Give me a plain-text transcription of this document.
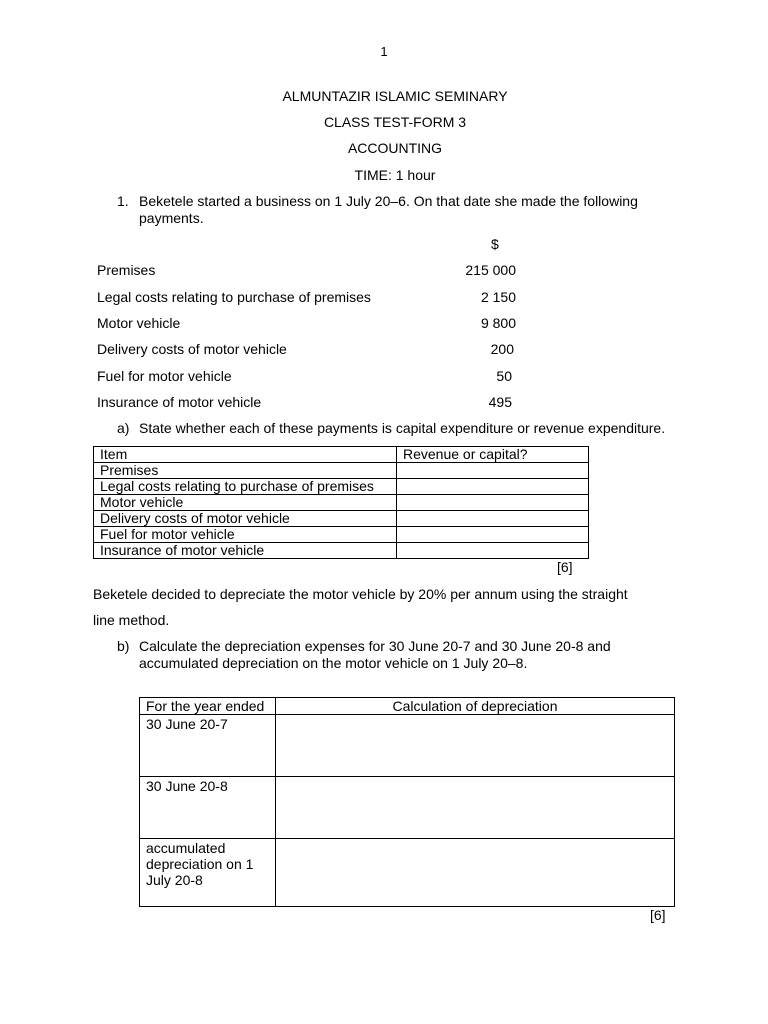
1
ALMUNTAZIR ISLAMIC SEMINARY
CLASS TEST-FORM 3
ACCOUNTING
TIME: 1 hour
1. Beketele started a business on 1 July 20–6. On that date she made the following payments.
$
Premises	215 000
Legal costs relating to purchase of premises	2 150
Motor vehicle	9 800
Delivery costs of motor vehicle	200
Fuel for motor vehicle	50
Insurance of motor vehicle	495
a) State whether each of these payments is capital expenditure or revenue expenditure.
Item	Revenue or capital?
Premises	
Legal costs relating to purchase of premises	
Motor vehicle	
Delivery costs of motor vehicle	
Fuel for motor vehicle	
Insurance of motor vehicle	
[6]
Beketele decided to depreciate the motor vehicle by 20% per annum using the straight
line method.
b) Calculate the depreciation expenses for 30 June 20-7 and 30 June 20-8 and accumulated depreciation on the motor vehicle on 1 July 20–8.
For the year ended	Calculation of depreciation
30 June 20-7	
30 June 20-8	
accumulated depreciation on 1 July 20-8	
[6]
